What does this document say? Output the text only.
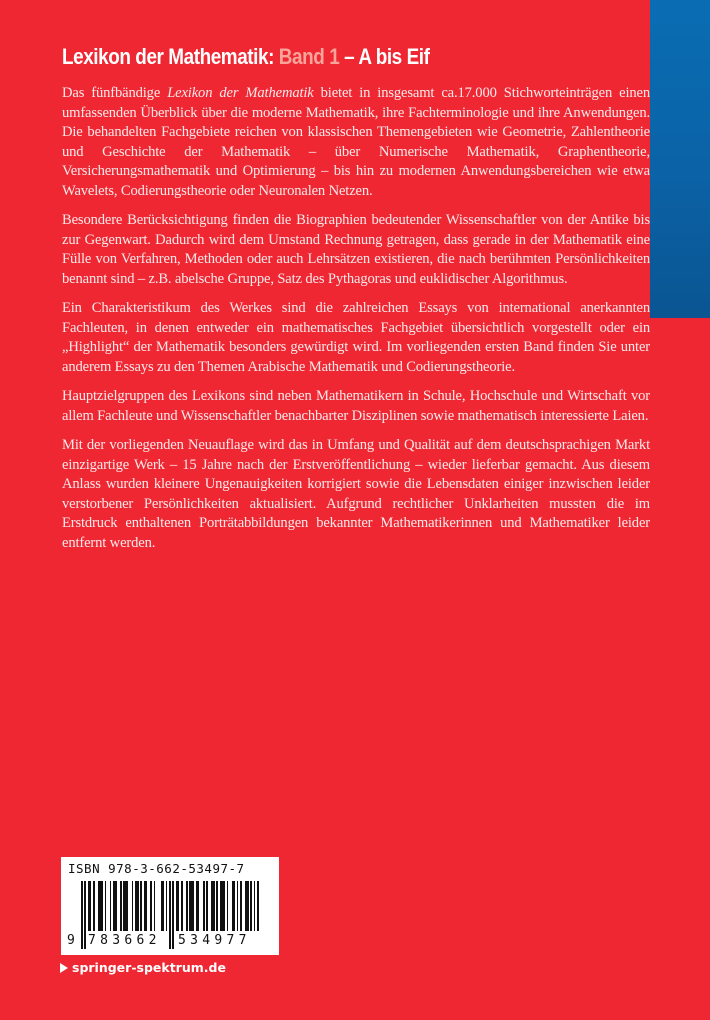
Lexikon der Mathematik: Band 1 – A bis Eif

Das fünfbändige Lexikon der Mathematik bietet in insgesamt ca.17.000 Stichworteinträgen einen umfassenden Überblick über die moderne Mathematik, ihre Fachterminologie und ihre Anwendungen. Die behandelten Fachgebiete reichen von klassischen Themengebieten wie Geometrie, Zahlentheorie und Geschichte der Mathematik – über Numerische Mathematik, Graphentheorie, Versicherungsmathematik und Optimierung – bis hin zu modernen Anwendungsbereichen wie etwa Wavelets, Codierungstheorie oder Neuronalen Netzen.

Besondere Berücksichtigung finden die Biographien bedeutender Wissenschaftler von der Antike bis zur Gegenwart. Dadurch wird dem Umstand Rechnung getragen, dass gerade in der Mathematik eine Fülle von Verfahren, Methoden oder auch Lehrsätzen existieren, die nach berühmten Persönlichkeiten benannt sind – z.B. abelsche Gruppe, Satz des Pythagoras und euklidischer Algorithmus.

Ein Charakteristikum des Werkes sind die zahlreichen Essays von international anerkannten Fachleuten, in denen entweder ein mathematisches Fachgebiet übersichtlich vorgestellt oder ein „Highlight“ der Mathematik besonders gewürdigt wird. Im vorliegenden ersten Band finden Sie unter anderem Essays zu den Themen Arabische Mathematik und Codierungstheorie.

Hauptzielgruppen des Lexikons sind neben Mathematikern in Schule, Hochschule und Wirtschaft vor allem Fachleute und Wissenschaftler benachbarter Disziplinen sowie mathematisch interessierte Laien.

Mit der vorliegenden Neuauflage wird das in Umfang und Qualität auf dem deutschsprachigen Markt einzigartige Werk – 15 Jahre nach der Erstveröffentlichung – wieder lieferbar gemacht. Aus diesem Anlass wurden kleinere Ungenauigkeiten korrigiert sowie die Lebensdaten einiger inzwischen leider verstorbener Persönlichkeiten aktualisiert. Aufgrund rechtlicher Unklarheiten mussten die im Erstdruck enthaltenen Porträtabbildungen bekannter Mathematikerinnen und Mathematiker leider entfernt werden.

ISBN 978-3-662-53497-7
9 783662 534977
springer-spektrum.de
